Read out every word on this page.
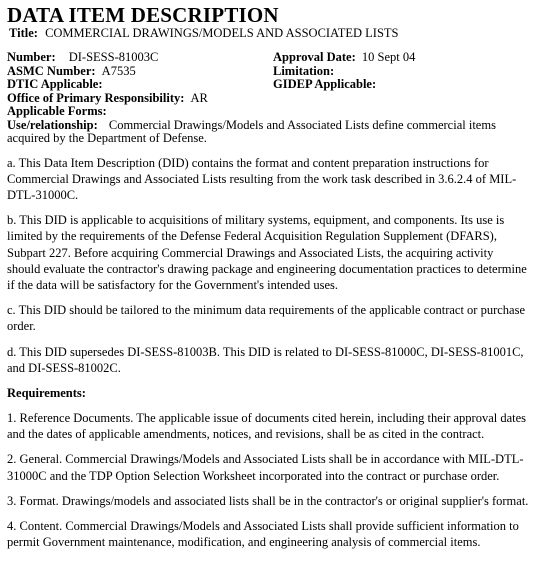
DATA ITEM DESCRIPTION
Title: COMMERCIAL DRAWINGS/MODELS AND ASSOCIATED LISTS
Number: DI-SESS-81003C	Approval Date: 10 Sept 04
ASMC Number: A7535	Limitation:
DTIC Applicable:	GIDEP Applicable:
Office of Primary Responsibility: AR
Applicable Forms:
Use/relationship: Commercial Drawings/Models and Associated Lists define commercial items acquired by the Department of Defense.

a. This Data Item Description (DID) contains the format and content preparation instructions for Commercial Drawings and Associated Lists resulting from the work task described in 3.6.2.4 of MIL-DTL-31000C.

b. This DID is applicable to acquisitions of military systems, equipment, and components. Its use is limited by the requirements of the Defense Federal Acquisition Regulation Supplement (DFARS), Subpart 227. Before acquiring Commercial Drawings and Associated Lists, the acquiring activity should evaluate the contractor's drawing package and engineering documentation practices to determine if the data will be satisfactory for the Government's intended uses.

c. This DID should be tailored to the minimum data requirements of the applicable contract or purchase order.

d. This DID supersedes DI-SESS-81003B. This DID is related to DI-SESS-81000C, DI-SESS-81001C, and DI-SESS-81002C.

Requirements:

1. Reference Documents. The applicable issue of documents cited herein, including their approval dates and the dates of applicable amendments, notices, and revisions, shall be as cited in the contract.

2. General. Commercial Drawings/Models and Associated Lists shall be in accordance with MIL-DTL-31000C and the TDP Option Selection Worksheet incorporated into the contract or purchase order.

3. Format. Drawings/models and associated lists shall be in the contractor's or original supplier's format.

4. Content. Commercial Drawings/Models and Associated Lists shall provide sufficient information to permit Government maintenance, modification, and engineering analysis of commercial items.
